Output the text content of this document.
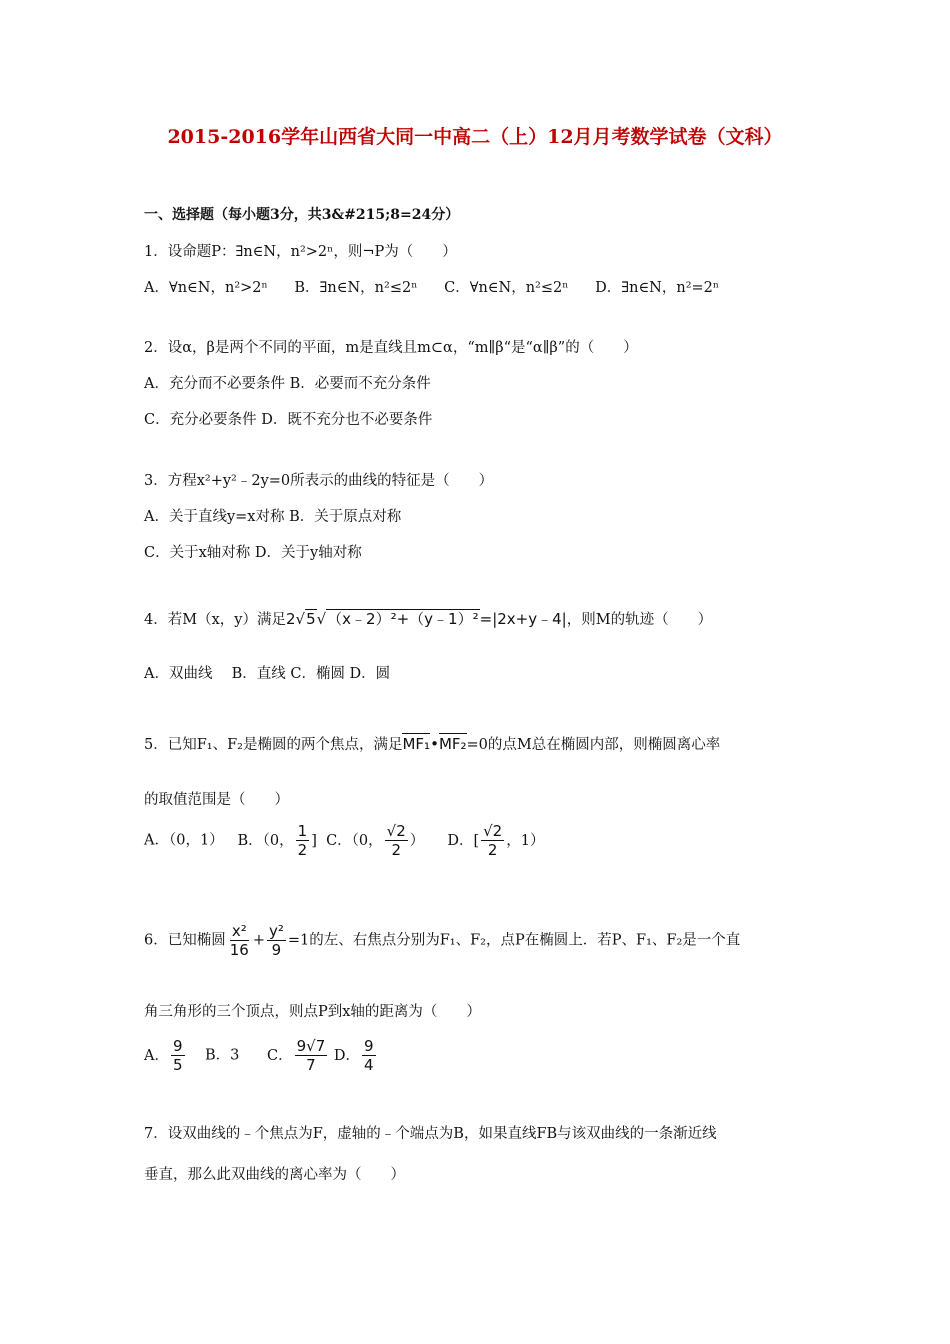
2015-2016学年山西省大同一中高二（上）12月月考数学试卷（文科）
一、选择题（每小题3分，共3&#215;8=24分）
1．设命题P：∃n∈N，n²>2ⁿ，则¬P为（　　）
A．∀n∈N，n²>2ⁿ B．∃n∈N，n²≤2ⁿ C．∀n∈N，n²≤2ⁿ D．∃n∈N，n²=2ⁿ
2．设α，β是两个不同的平面，m是直线且m⊂α，“m∥β“是“α∥β”的（　　）
A．充分而不必要条件 B．必要而不充分条件
C．充分必要条件 D．既不充分也不必要条件
3．方程x²+y²﹣2y=0所表示的曲线的特征是（　　）
A．关于直线y=x对称 B．关于原点对称
C．关于x轴对称 D．关于y轴对称
4．若M（x，y）满足2√5√（x﹣2）²+（y﹣1）²=|2x+y﹣4|，则M的轨迹（　　）
A．双曲线　 B．直线 C．椭圆 D．圆
5．已知F₁、F₂是椭圆的两个焦点，满足MF₁•MF₂=0的点M总在椭圆内部，则椭圆离心率
的取值范围是（　　）
A．（0，1） B．（0， $\frac{1}{2}$ ] C．（0， $\frac{√2}{2}$ ） D．[ $\frac{√2}{2}$ ，1）
6．已知椭圆 $\frac{\text{x²}}{16} + \frac{\text{y²}}{9} =1$的左、右焦点分别为F₁、F₂，点P在椭圆上．若P、F₁、F₂是一个直
角三角形的三个顶点，则点P到x轴的距离为（　　）
A． $\frac{9}{5}$ B．3 C． $\frac{9√7}{7}$ D． $\frac{9}{4}$
7．设双曲线的﹣个焦点为F，虚轴的﹣个端点为B，如果直线FB与该双曲线的一条渐近线
垂直，那么此双曲线的离心率为（　　）
